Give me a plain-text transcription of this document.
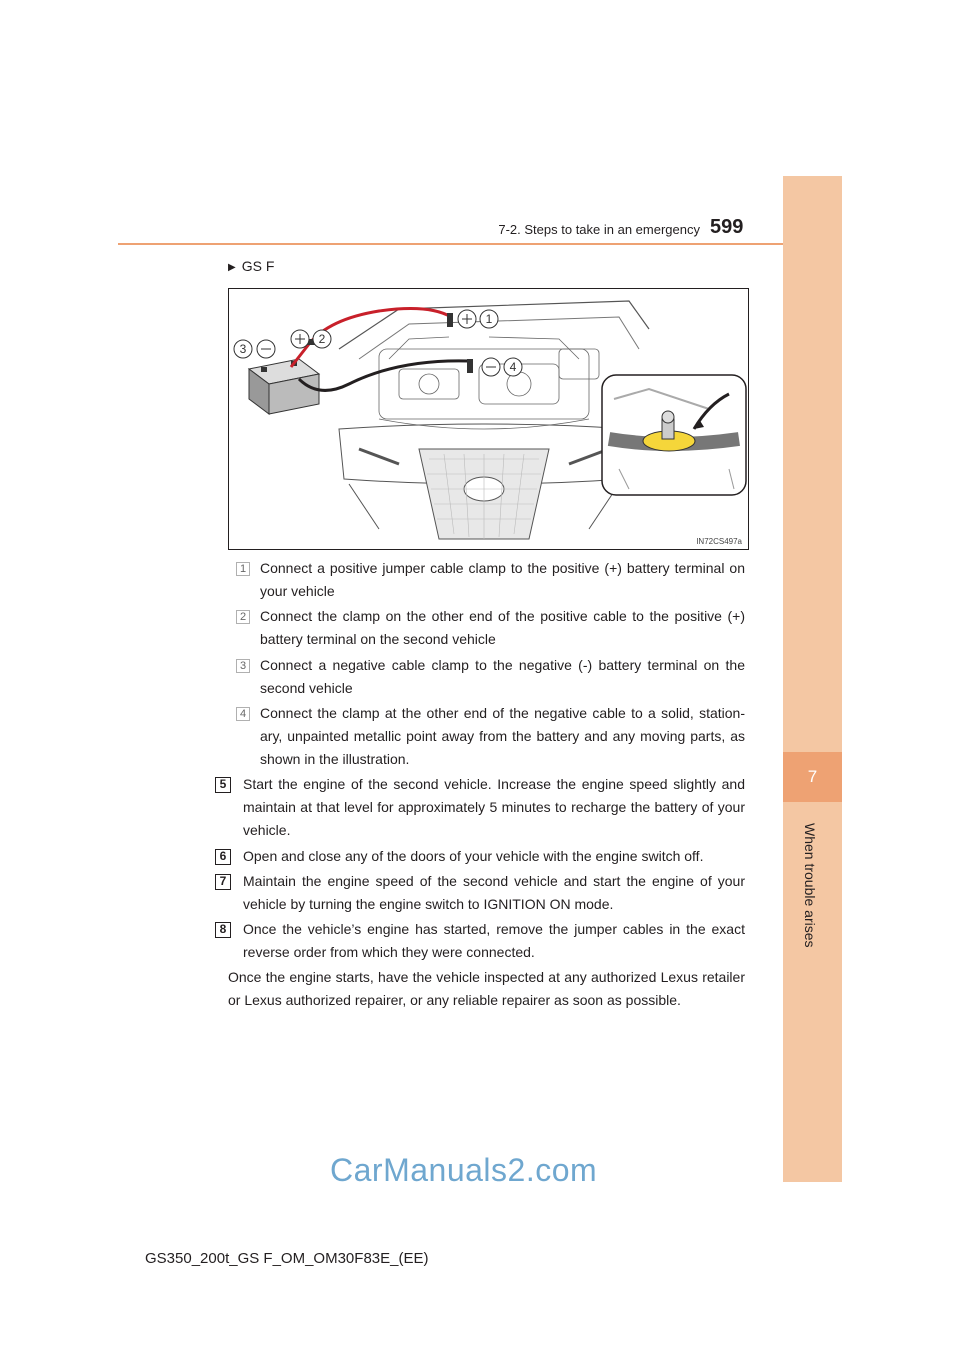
7
When trouble arises
7-2. Steps to take in an emergency 599
▶ GS F
1
2
3
4
IN72CS497a
1 Connect a positive jumper cable clamp to the positive (+) battery terminal on your vehicle
2 Connect the clamp on the other end of the positive cable to the positive (+) battery terminal on the second vehicle
3 Connect a negative cable clamp to the negative (-) battery terminal on the second vehicle
4 Connect the clamp at the other end of the negative cable to a solid, station-ary, unpainted metallic point away from the battery and any moving parts, as shown in the illustration.
5	Start the engine of the second vehicle. Increase the engine speed slightly and maintain at that level for approximately 5 minutes to recharge the battery of your vehicle.
6	Open and close any of the doors of your vehicle with the engine switch off.
7	Maintain the engine speed of the second vehicle and start the engine of your vehicle by turning the engine switch to IGNITION ON mode.
8	Once the vehicle’s engine has started, remove the jumper cables in the exact reverse order from which they were connected.
Once the engine starts, have the vehicle inspected at any authorized Lexus retailer or Lexus authorized repairer, or any reliable repairer as soon as possible.
CarManuals2.com
GS350_200t_GS F_OM_OM30F83E_(EE)
